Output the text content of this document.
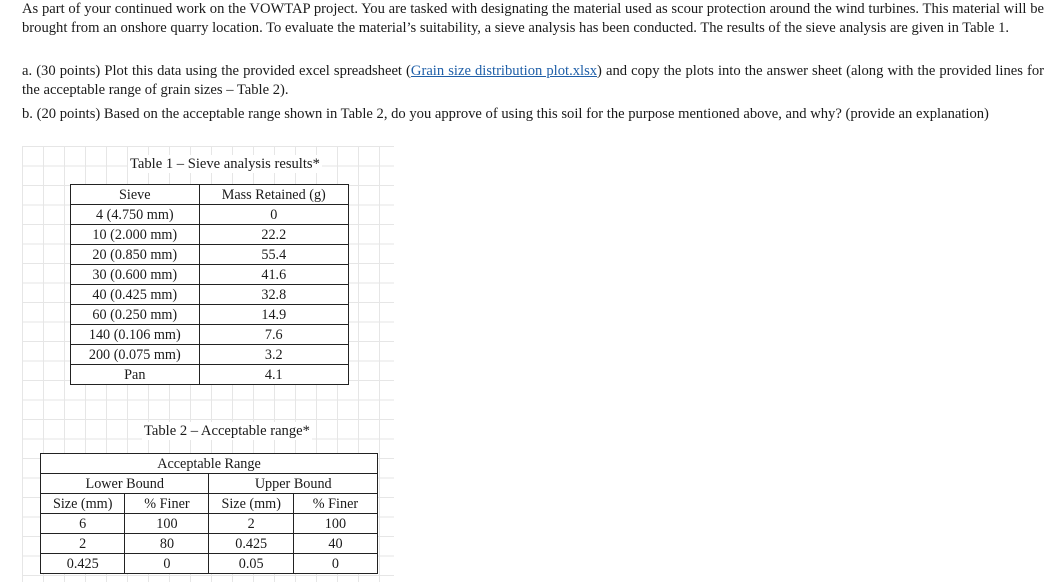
As part of your continued work on the VOWTAP project. You are tasked with designating the material used as scour protection around the wind turbines. This material will be brought from an onshore quarry location. To evaluate the material’s suitability, a sieve analysis has been conducted. The results of the sieve analysis are given in Table 1.

a. (30 points) Plot this data using the provided excel spreadsheet (Grain size distribution plot.xlsx) and copy the plots into the answer sheet (along with the provided lines for the acceptable range of grain sizes – Table 2).

b. (20 points) Based on the acceptable range shown in Table 2, do you approve of using this soil for the purpose mentioned above, and why? (provide an explanation)

Table 1 – Sieve analysis results*
Sieve	Mass Retained (g)
4 (4.750 mm)	0
10 (2.000 mm)	22.2
20 (0.850 mm)	55.4
30 (0.600 mm)	41.6
40 (0.425 mm)	32.8
60 (0.250 mm)	14.9
140 (0.106 mm)	7.6
200 (0.075 mm)	3.2
Pan	4.1
Table 2 – Acceptable range*
Acceptable Range			
Lower Bound		Upper Bound	
Size (mm)	% Finer	Size (mm)	% Finer
6	100	2	100
2	80	0.425	40
0.425	0	0.05	0
